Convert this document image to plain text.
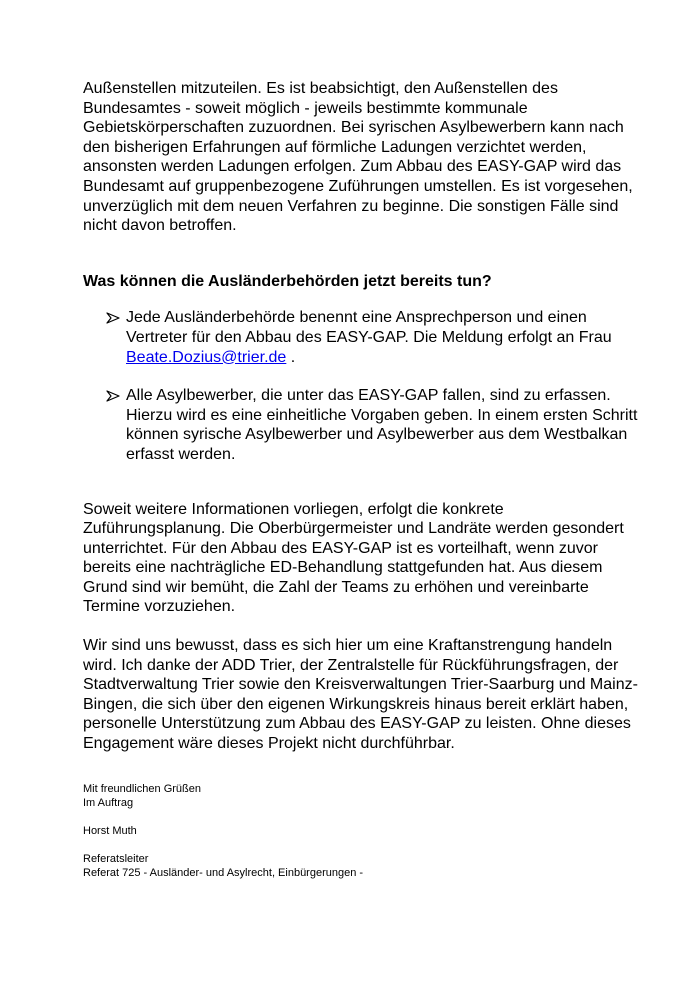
Außenstellen mitzuteilen. Es ist beabsichtigt, den Außenstellen des Bundesamtes - soweit möglich - jeweils bestimmte kommunale Gebietskörperschaften zuzuordnen. Bei syrischen Asylbewerbern kann nach den bisherigen Erfahrungen auf förmliche Ladungen verzichtet werden, ansonsten werden Ladungen erfolgen. Zum Abbau des EASY-GAP wird das Bundesamt auf gruppenbezogene Zuführungen umstellen. Es ist vorgesehen, unverzüglich mit dem neuen Verfahren zu beginne. Die sonstigen Fälle sind nicht davon betroffen.

Was können die Ausländerbehörden jetzt bereits tun?
Jede Ausländerbehörde benennt eine Ansprechperson und einen Vertreter für den Abbau des EASY-GAP. Die Meldung erfolgt an Frau Beate.Dozius@trier.de .
Alle Asylbewerber, die unter das EASY-GAP fallen, sind zu erfassen. Hierzu wird es eine einheitliche Vorgaben geben. In einem ersten Schritt können syrische Asylbewerber und Asylbewerber aus dem Westbalkan erfasst werden.

Soweit weitere Informationen vorliegen, erfolgt die konkrete Zuführungsplanung. Die Oberbürgermeister und Landräte werden gesondert unterrichtet. Für den Abbau des EASY-GAP ist es vorteilhaft, wenn zuvor bereits eine nachträgliche ED-Behandlung stattgefunden hat. Aus diesem Grund sind wir bemüht, die Zahl der Teams zu erhöhen und vereinbarte Termine vorzuziehen.

Wir sind uns bewusst, dass es sich hier um eine Kraftanstrengung handeln wird. Ich danke der ADD Trier, der Zentralstelle für Rückführungsfragen, der Stadtverwaltung Trier sowie den Kreisverwaltungen Trier-Saarburg und Mainz-Bingen, die sich über den eigenen Wirkungskreis hinaus bereit erklärt haben, personelle Unterstützung zum Abbau des EASY-GAP zu leisten. Ohne dieses Engagement wäre dieses Projekt nicht durchführbar.

Mit freundlichen Grüßen

Im Auftrag

Horst Muth

Referatsleiter

Referat 725 - Ausländer- und Asylrecht, Einbürgerungen -
